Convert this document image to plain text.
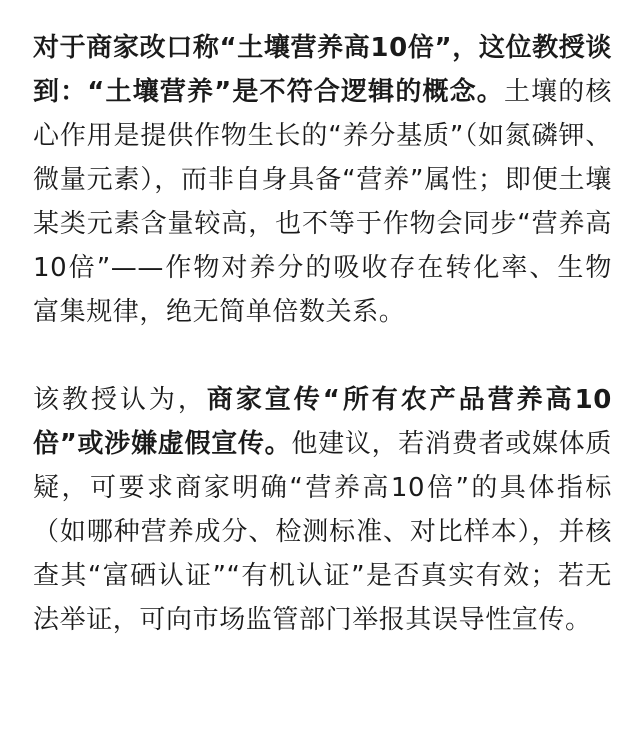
对于商家改口称“土壤营养高10倍”，这位教授谈到：“土壤营养”是不符合逻辑的概念。土壤的核心作用是提供作物生长的“养分基质”（如氮磷钾、微量元素），而非自身具备“营养”属性；即便土壤某类元素含量较高，也不等于作物会同步“营养高10倍”——作物对养分的吸收存在转化率、生物富集规律，绝无简单倍数关系。

该教授认为，商家宣传“所有农产品营养高10倍”或涉嫌虚假宣传。他建议，若消费者或媒体质疑，可要求商家明确“营养高10倍”的具体指标（如哪种营养成分、检测标准、对比样本），并核查其“富硒认证”“有机认证”是否真实有效；若无法举证，可向市场监管部门举报其误导性宣传。
